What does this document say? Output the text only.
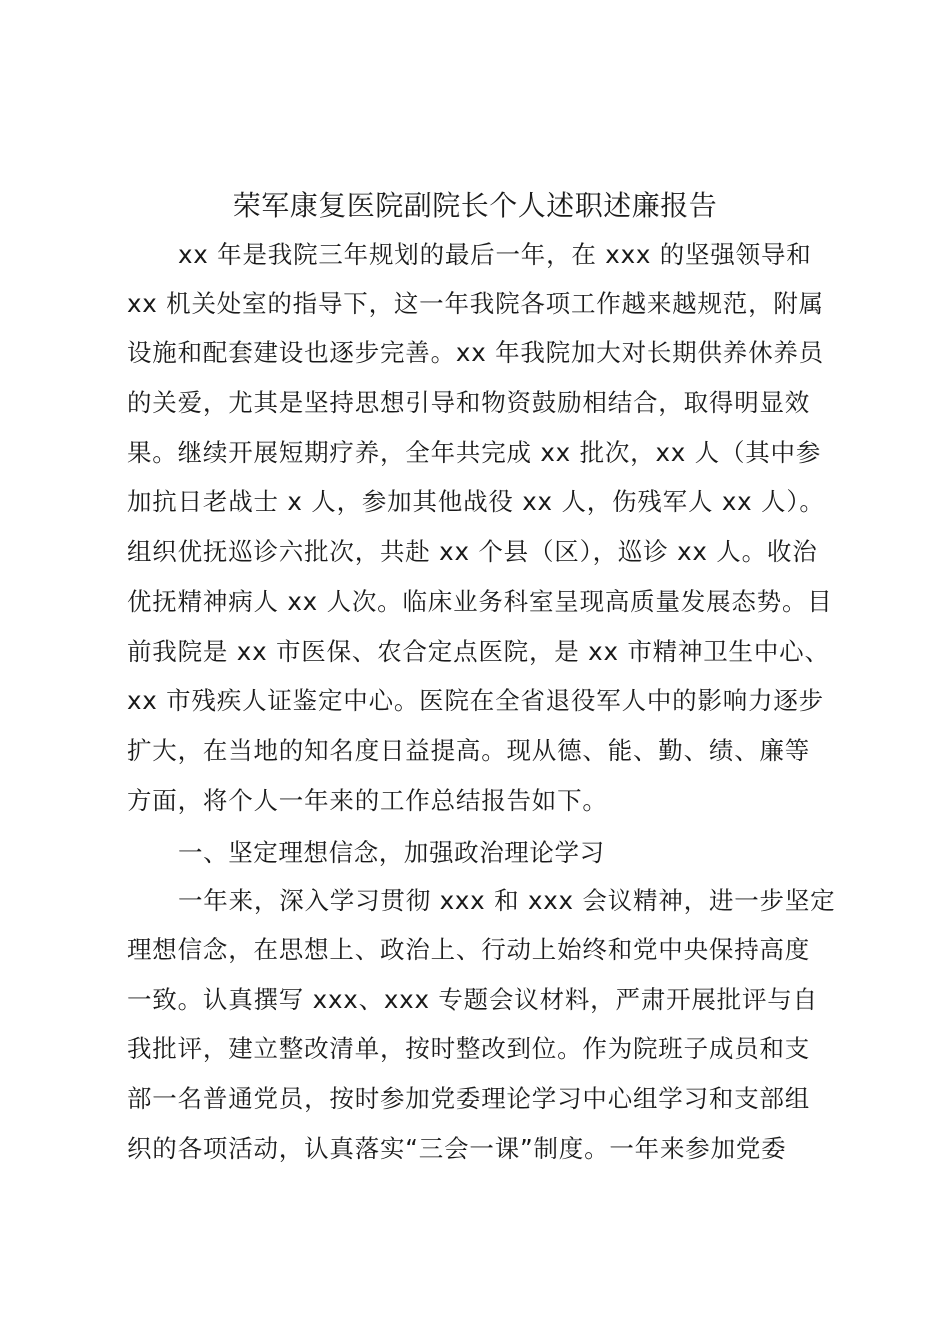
荣军康复医院副院长个人述职述廉报告
xx 年是我院三年规划的最后一年，在 xxx 的坚强领导和
xx 机关处室的指导下，这一年我院各项工作越来越规范，附属
设施和配套建设也逐步完善。xx 年我院加大对长期供养休养员
的关爱，尤其是坚持思想引导和物资鼓励相结合，取得明显效
果。继续开展短期疗养，全年共完成 xx 批次，xx 人（其中参
加抗日老战士 x 人，参加其他战役 xx 人，伤残军人 xx 人）。
组织优抚巡诊六批次，共赴 xx 个县（区），巡诊 xx 人。收治
优抚精神病人 xx 人次。临床业务科室呈现高质量发展态势。目
前我院是 xx 市医保、农合定点医院，是 xx 市精神卫生中心、
xx 市残疾人证鉴定中心。医院在全省退役军人中的影响力逐步
扩大，在当地的知名度日益提高。现从德、能、勤、绩、廉等
方面，将个人一年来的工作总结报告如下。
一、坚定理想信念，加强政治理论学习
一年来，深入学习贯彻 xxx 和 xxx 会议精神，进一步坚定
理想信念，在思想上、政治上、行动上始终和党中央保持高度
一致。认真撰写 xxx、xxx 专题会议材料，严肃开展批评与自
我批评，建立整改清单，按时整改到位。作为院班子成员和支
部一名普通党员，按时参加党委理论学习中心组学习和支部组
织的各项活动，认真落实“三会一课”制度。一年来参加党委
